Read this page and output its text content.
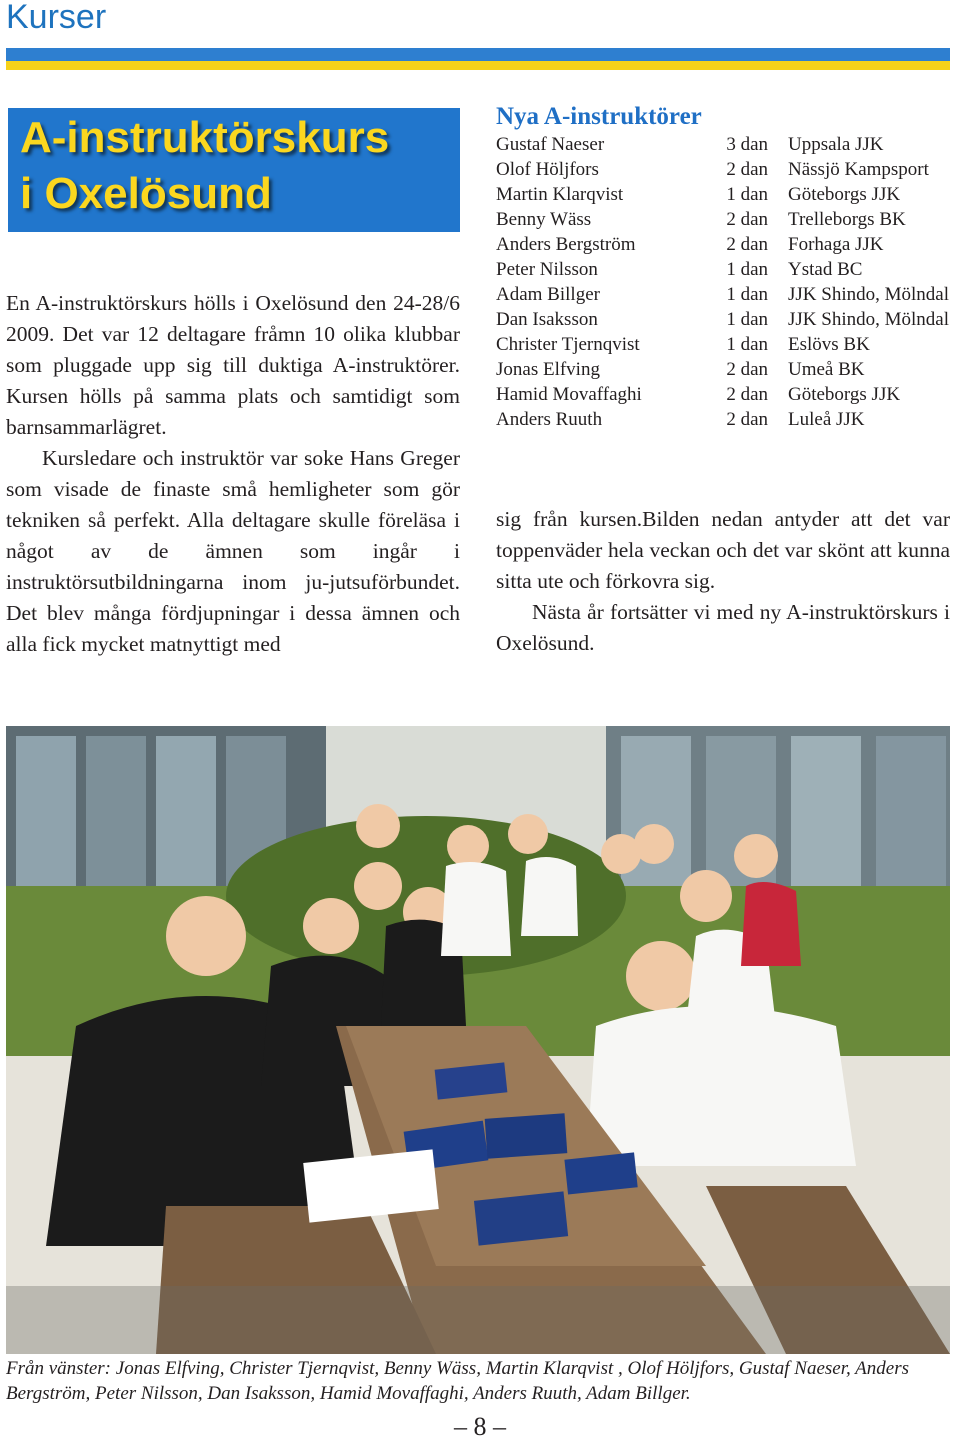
Kurser
A-instruktörskurs
i Oxelösund

En A-instruktörskurs hölls i Oxelösund den 24-28/6 2009. Det var 12 deltagare fråmn 10 olika klubbar som pluggade upp sig till duktiga A-instruktörer. Kursen hölls på samma plats och samtidigt som barnsammarlägret.

Kursledare och instruktör var soke Hans Greger som visade de finaste små hemligheter som gör tekniken så perfekt. Alla deltagare skulle föreläsa i något av de ämnen som ingår i instruktörsutbildningarna inom ju-jutsuförbundet. Det blev många fördjupningar i dessa ämnen och alla fick mycket matnyttigt med

Nya A-instruktörer
Gustaf Naeser	3 dan	Uppsala JJK
Olof Höljfors	2 dan	Nässjö Kampsport
Martin Klarqvist	1 dan	Göteborgs JJK
Benny Wäss	2 dan	Trelleborgs BK
Anders Bergström	2 dan	Forhaga JJK
Peter Nilsson	1 dan	Ystad BC
Adam Billger	1 dan	JJK Shindo, Mölndal
Dan Isaksson	1 dan	JJK Shindo, Mölndal
Christer Tjernqvist	1 dan	Eslövs BK
Jonas Elfving	2 dan	Umeå BK
Hamid Movaffaghi	2 dan	Göteborgs JJK
Anders Ruuth	2 dan	Luleå JJK

sig från kursen.Bilden nedan antyder att det var toppenväder hela veckan och det var skönt att kunna sitta ute och förkovra sig.

Nästa år fortsätter vi med ny A-instruktörskurs i Oxelösund.

Från vänster: Jonas Elfving, Christer Tjernqvist, Benny Wäss, Martin Klarqvist , Olof Höljfors, Gustaf Naeser, Anders Bergström, Peter Nilsson, Dan Isaksson, Hamid Movaffaghi, Anders Ruuth, Adam Billger.

– 8 –
